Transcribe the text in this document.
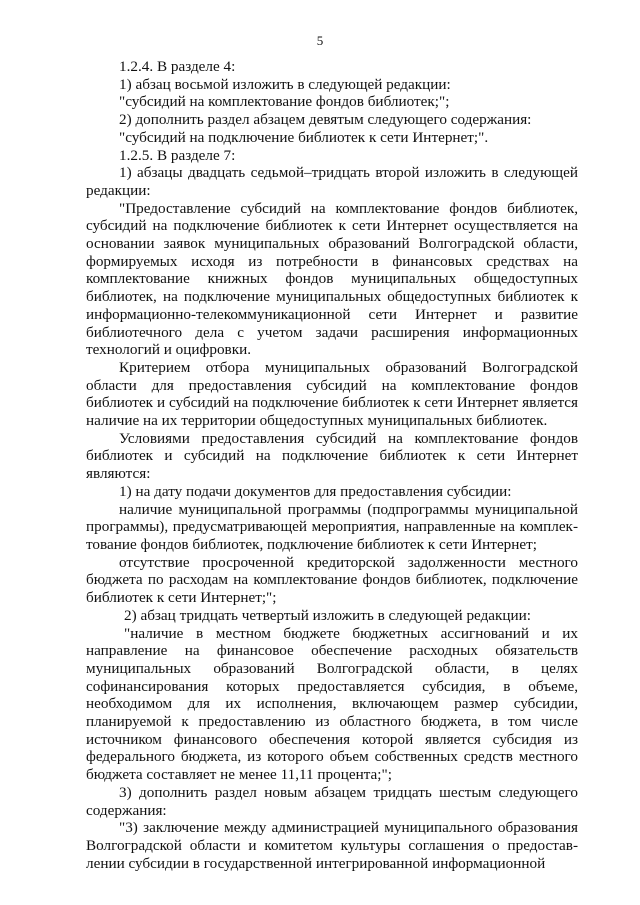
5

1.2.4. В разделе 4:

1) абзац восьмой изложить в следующей редакции:

"субсидий на комплектование фондов библиотек;";

2) дополнить раздел абзацем девятым следующего содержания:

"субсидий на подключение библиотек к сети Интернет;".

1.2.5. В разделе 7:

1) абзацы двадцать седьмой–тридцать второй изложить в следующей редакции:

"Предоставление субсидий на комплектование фондов библиотек, субсидий на подключение библиотек к сети Интернет осуществляется на основании заявок муниципальных образований Волгоградской области, формируемых исходя из потребности в финансовых средствах на комплектование книжных фондов муниципальных общедоступных библиотек, на подключение муниципальных общедоступных библиотек к информационно-телекоммуникационной сети Интернет и развитие библиотечного дела с учетом задачи расширения информационных технологий и оцифровки.

Критерием отбора муниципальных образований Волгоградской области для предоставления субсидий на комплектование фондов библиотек и субсидий на подключение библиотек к сети Интернет является наличие на их территории общедоступных муниципальных библиотек.

Условиями предоставления субсидий на комплектование фондов библиотек и субсидий на подключение библиотек к сети Интернет являются:

1) на дату подачи документов для предоставления субсидии:

наличие муниципальной программы (подпрограммы муниципальной программы), предусматривающей мероприятия, направленные на комплектование фондов библиотек, подключение библиотек к сети Интернет;

отсутствие просроченной кредиторской задолженности местного бюджета по расходам на комплектование фондов библиотек, подключение библиотек к сети Интернет;";

2) абзац тридцать четвертый изложить в следующей редакции:

"наличие в местном бюджете бюджетных ассигнований и их направление на финансовое обеспечение расходных обязательств муниципальных образований Волгоградской области, в целях софинансирования которых предоставляется субсидия, в объеме, необходимом для их исполнения, включающем размер субсидии, планируемой к предоставлению из областного бюджета, в том числе источником финансового обеспечения которой является субсидия из федерального бюджета, из которого объем собственных средств местного бюджета составляет не менее 11,11 процента;";

3) дополнить раздел новым абзацем тридцать шестым следующего содержания:

"3) заключение между администрацией муниципального образования Волгоградской области и комитетом культуры соглашения о предоставлении субсидии в государственной интегрированной информационной
